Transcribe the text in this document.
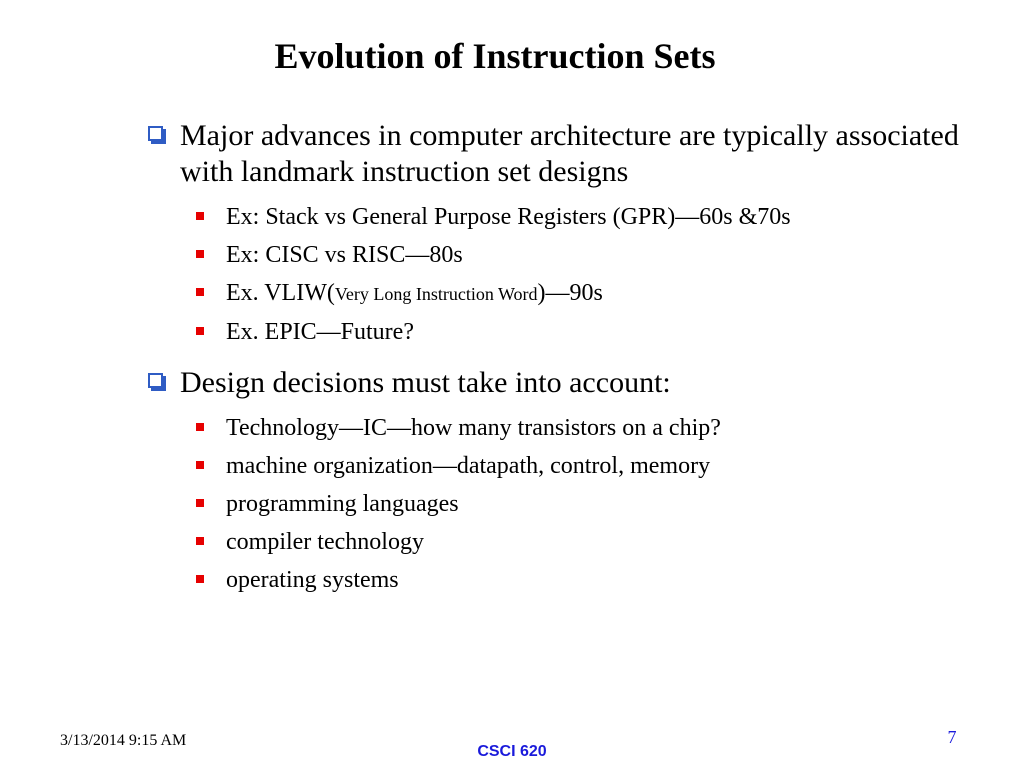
Evolution of Instruction Sets
Major advances in computer architecture are typically associated with landmark instruction set designs
Ex: Stack vs General Purpose Registers (GPR)—60s &70s
Ex: CISC vs RISC—80s
Ex. VLIW(Very Long Instruction Word)—90s
Ex. EPIC—Future?
Design decisions must take into account:
Technology—IC—how many transistors on a chip?
machine organization—datapath, control, memory
programming languages
compiler technology
operating systems
3/13/2014 9:15 AM
CSCI 620
7
